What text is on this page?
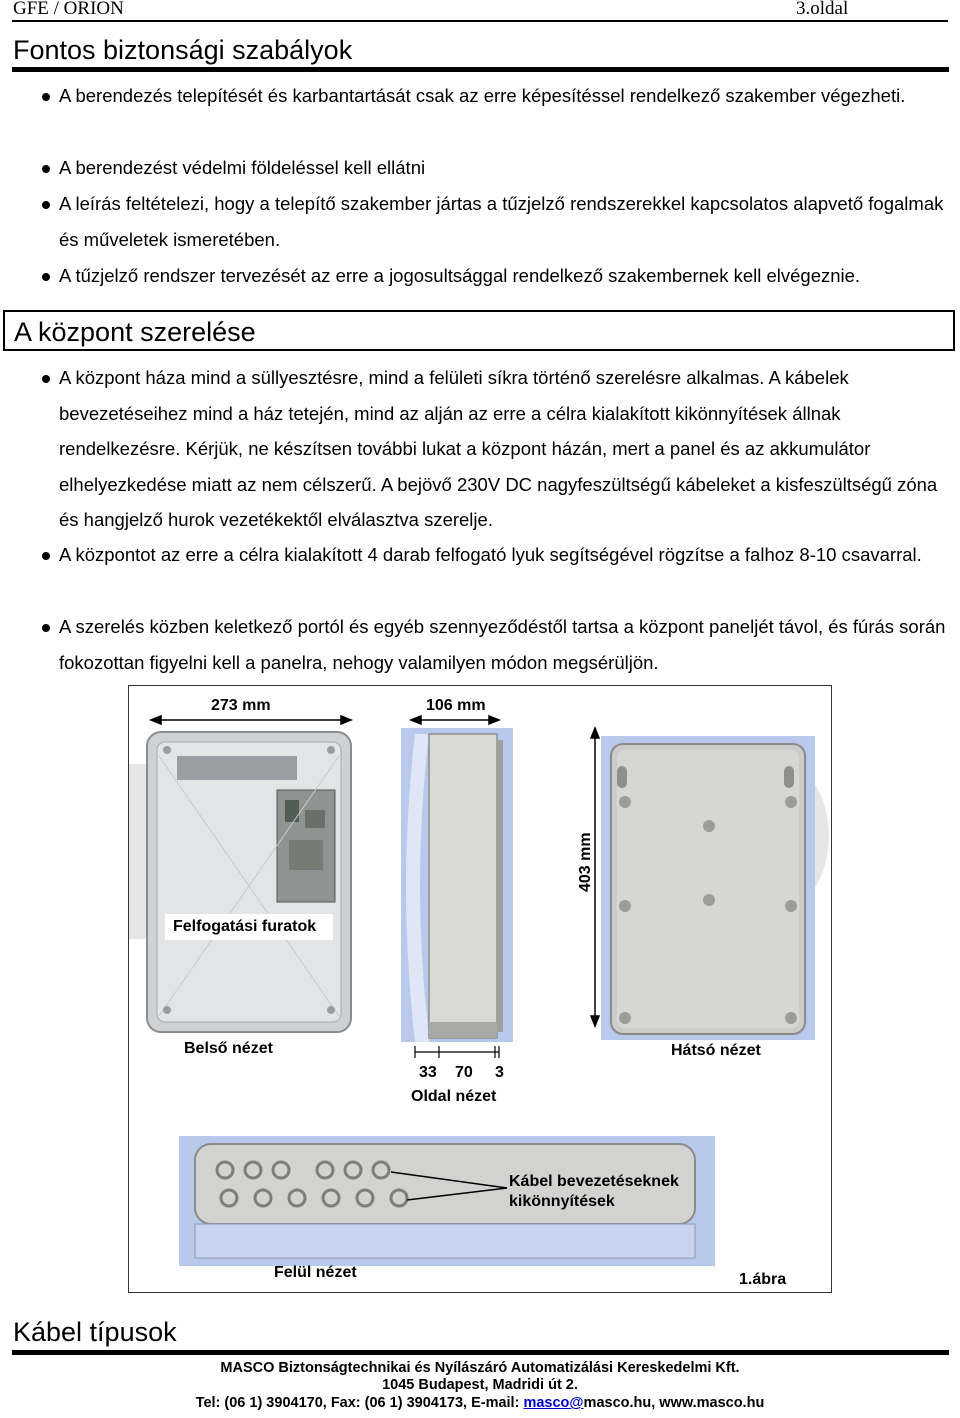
GFE / ORION	3.oldal
Fontos biztonsági szabályok
A berendezés telepítését és karbantartását csak az erre képesítéssel rendelkező szakember végezheti.
A berendezést védelmi földeléssel kell ellátni
A leírás feltételezi, hogy a telepítő szakember jártas a tűzjelző rendszerekkel kapcsolatos alapvető fogalmak és műveletek ismeretében.
A tűzjelző rendszer tervezését az erre a jogosultsággal rendelkező szakembernek kell elvégeznie.
A központ szerelése
A központ háza mind a süllyesztésre, mind a felületi síkra történő szerelésre alkalmas. A kábelek bevezetéseihez mind a ház tetején, mind az alján az erre a célra kialakított kikönnyítések állnak rendelkezésre. Kérjük, ne készítsen további lukat a központ házán, mert a panel és az akkumulátor elhelyezkedése miatt az nem célszerű. A bejövő 230V DC nagyfeszültségű kábeleket a kisfeszültségű zóna és hangjelző hurok vezetékektől elválasztva szerelje.
A központot az erre a célra kialakított 4 darab felfogató lyuk segítségével rögzítse a falhoz 8-10 csavarral.
A szerelés közben keletkező portól és egyéb szennyeződéstől tartsa a központ paneljét távol, és fúrás során fokozottan figyelni kell a panelra, nehogy valamilyen módon megsérüljön.
273 mm	106 mm
403 mm
Felfogatási furatok
Belső nézet	Hátsó nézet
33 70 3
Oldal nézet
Kábel bevezetéseknek
kikönnyítések
Felül nézet	1.ábra
Kábel típusok
MASCO Biztonságtechnikai és Nyílászáró Automatizálási Kereskedelmi Kft.
1045 Budapest, Madridi út 2.
Tel: (06 1) 3904170, Fax: (06 1) 3904173, E-mail: masco@masco.hu, www.masco.hu
